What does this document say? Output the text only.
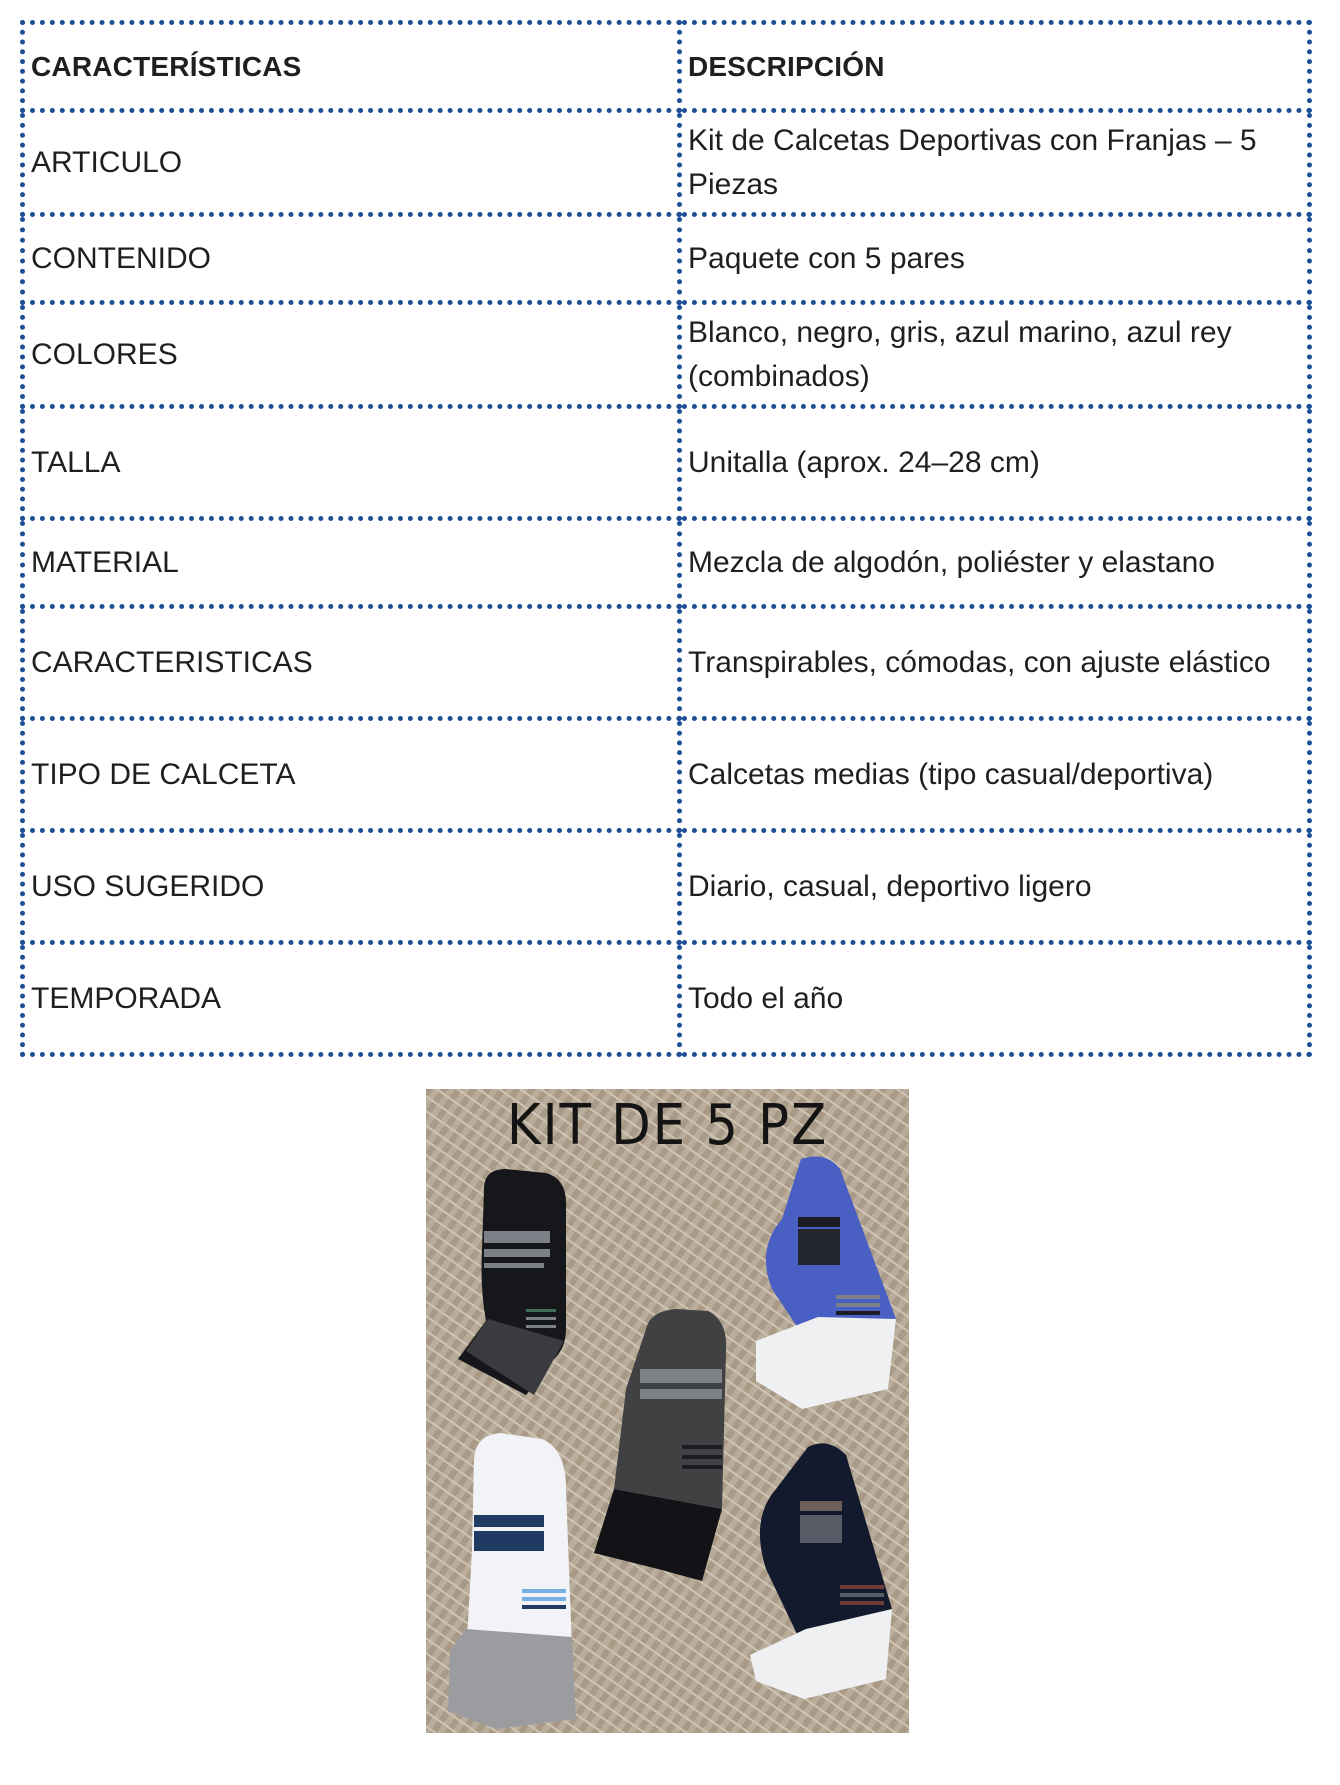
CARACTERÍSTICAS	DESCRIPCIÓN
ARTICULO	Kit de Calcetas Deportivas con Franjas – 5 Piezas
CONTENIDO	Paquete con 5 pares
COLORES	Blanco, negro, gris, azul marino, azul rey (combinados)
TALLA	Unitalla (aprox. 24–28 cm)
MATERIAL	Mezcla de algodón, poliéster y elastano
CARACTERISTICAS	Transpirables, cómodas, con ajuste elástico
TIPO DE CALCETA	Calcetas medias (tipo casual/deportiva)
USO SUGERIDO	Diario, casual, deportivo ligero
TEMPORADA	Todo el año
KIT DE 5 PZ
